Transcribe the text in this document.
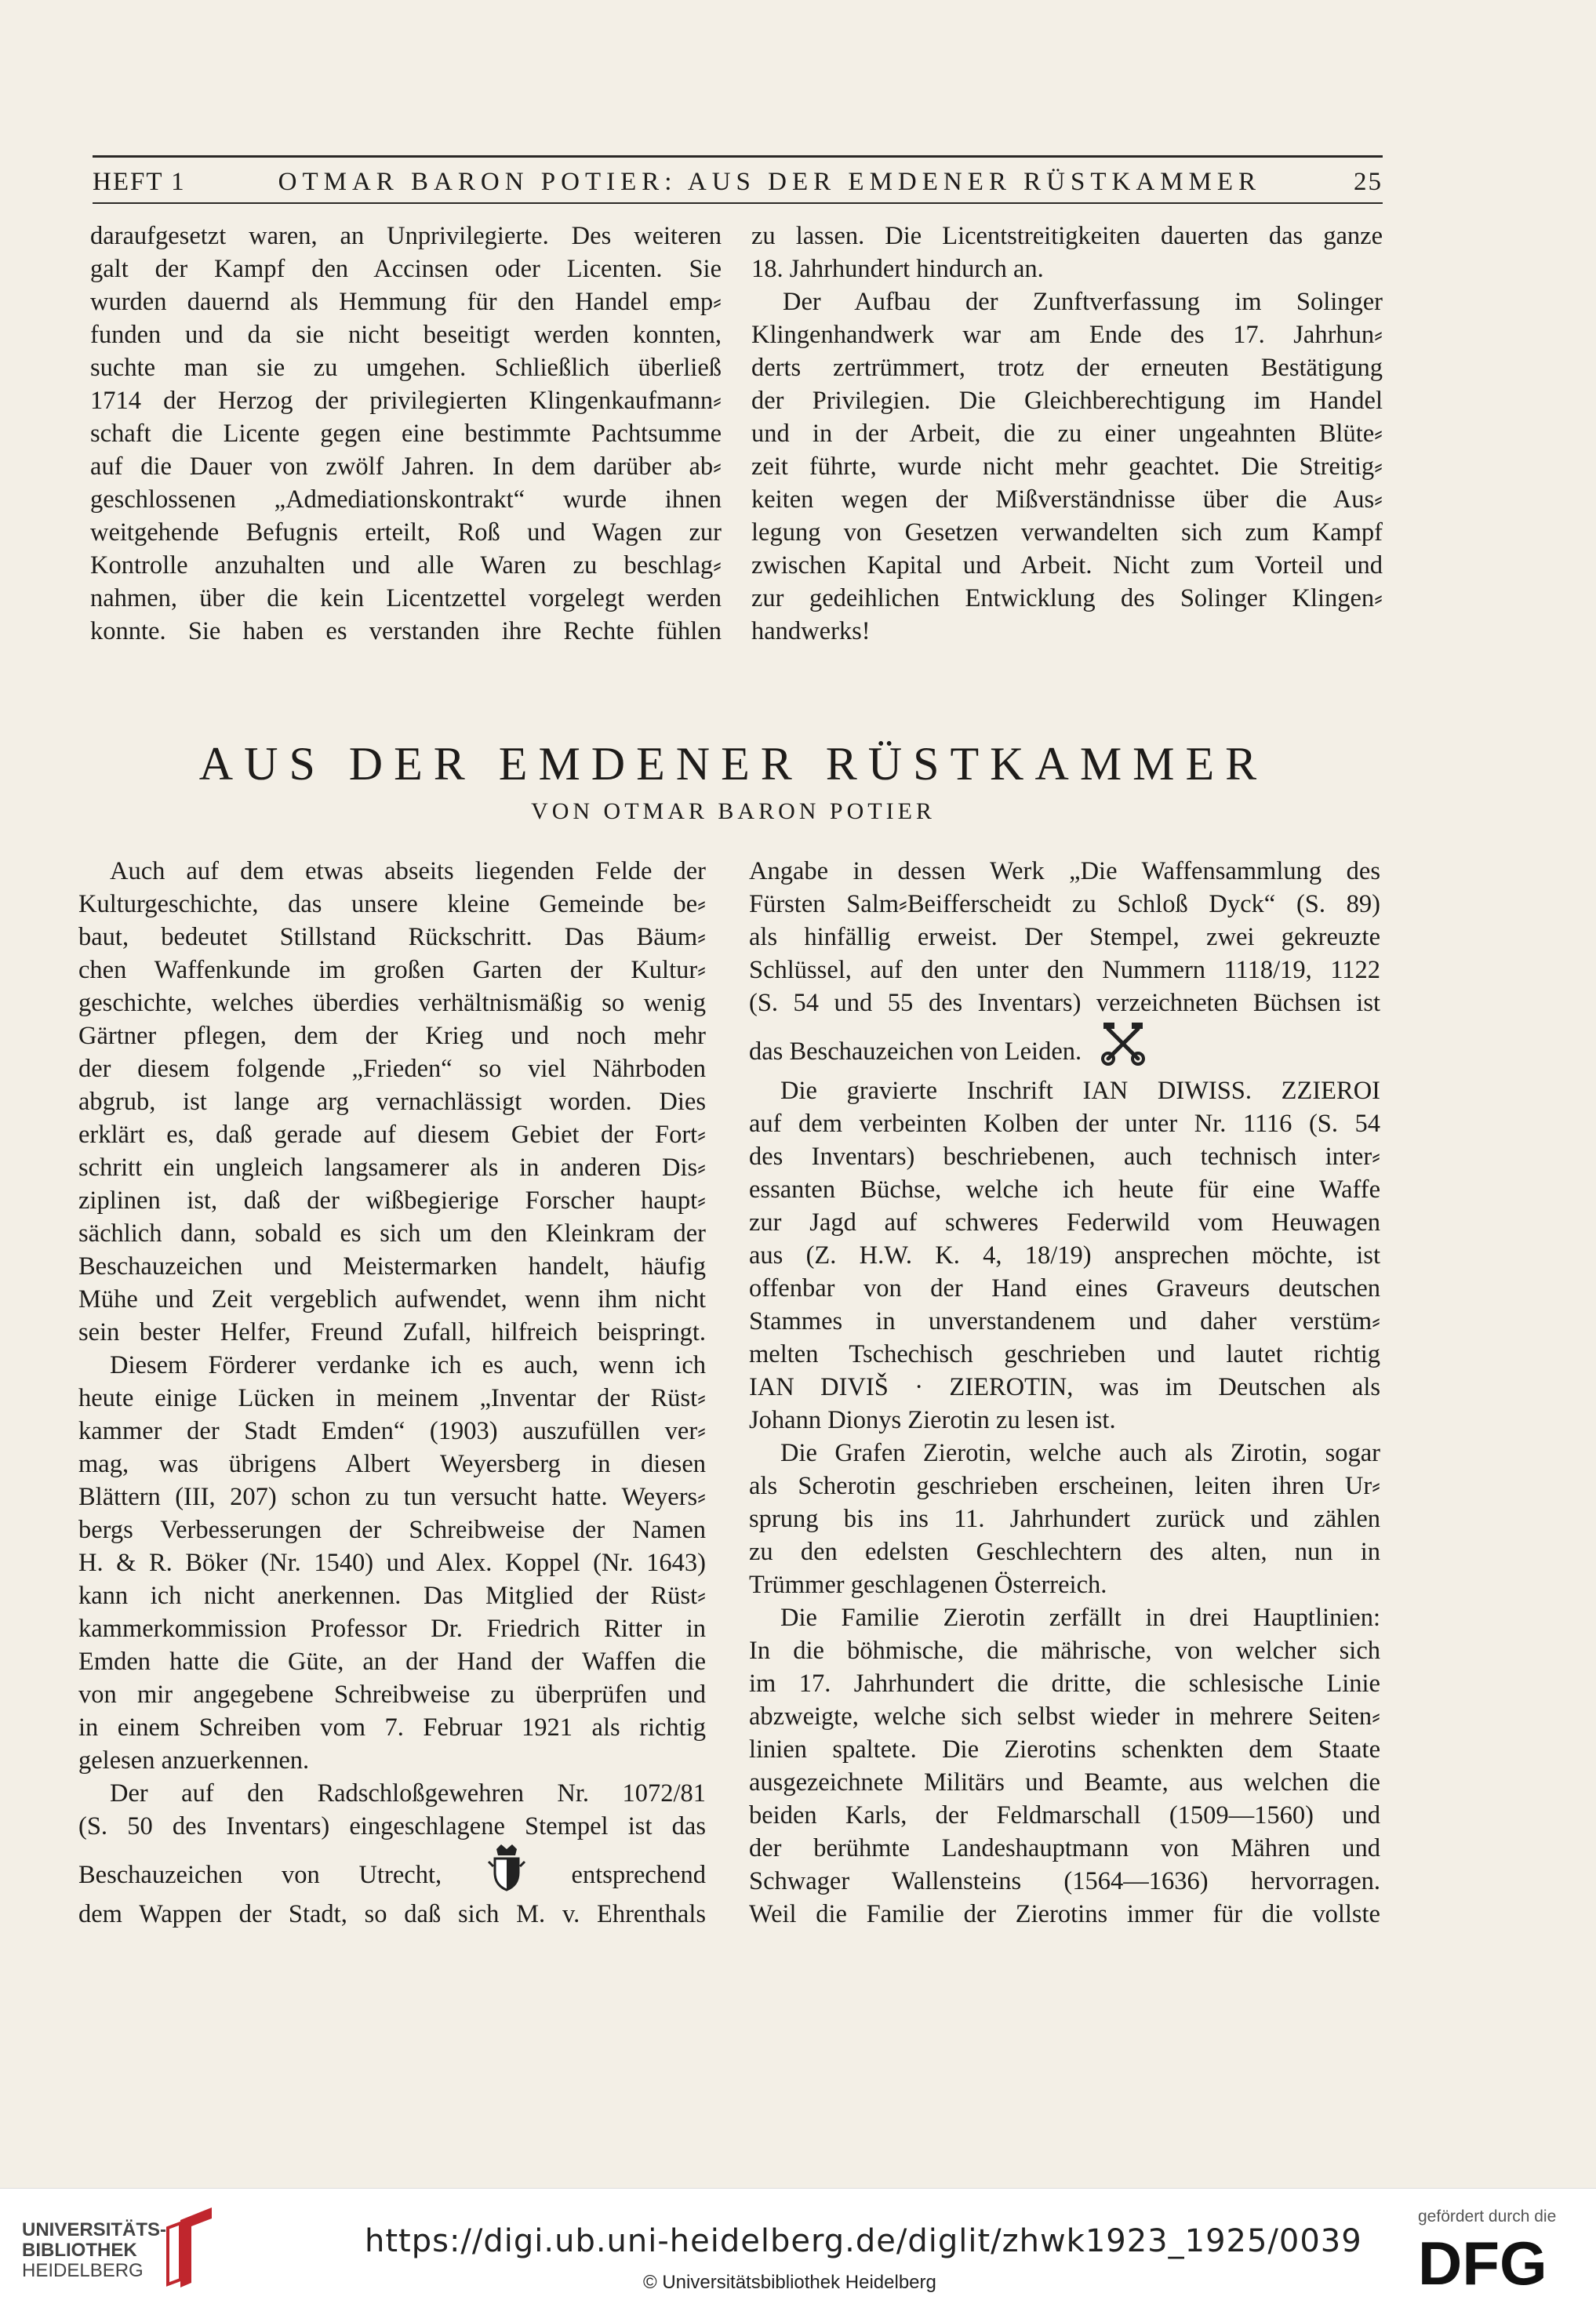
HEFT 1	OTMAR BARON POTIER: AUS DER EMDENER RÜSTKAMMER	25
daraufgesetzt waren, an Unprivilegierte. Des weiteren
galt der Kampf den Accinsen oder Licenten. Sie
wurden dauernd als Hemmung für den Handel emp⸗
funden und da sie nicht beseitigt werden konnten,
suchte man sie zu umgehen. Schließlich überließ
1714 der Herzog der privilegierten Klingenkaufmann⸗
schaft die Licente gegen eine bestimmte Pachtsumme
auf die Dauer von zwölf Jahren. In dem darüber ab⸗
geschlossenen „Admediationskontrakt“ wurde ihnen
weitgehende Befugnis erteilt, Roß und Wagen zur
Kontrolle anzuhalten und alle Waren zu beschlag⸗
nahmen, über die kein Licentzettel vorgelegt werden
konnte. Sie haben es verstanden ihre Rechte fühlen
zu lassen. Die Licentstreitigkeiten dauerten das ganze
18. Jahrhundert hindurch an.
Der Aufbau der Zunftverfassung im Solinger
Klingenhandwerk war am Ende des 17. Jahrhun⸗
derts zertrümmert, trotz der erneuten Bestätigung
der Privilegien. Die Gleichberechtigung im Handel
und in der Arbeit, die zu einer ungeahnten Blüte⸗
zeit führte, wurde nicht mehr geachtet. Die Streitig⸗
keiten wegen der Mißverständnisse über die Aus⸗
legung von Gesetzen verwandelten sich zum Kampf
zwischen Kapital und Arbeit. Nicht zum Vorteil und
zur gedeihlichen Entwicklung des Solinger Klingen⸗
handwerks!
AUS DER EMDENER RÜSTKAMMER
VON OTMAR BARON POTIER
Auch auf dem etwas abseits liegenden Felde der
Kulturgeschichte, das unsere kleine Gemeinde be⸗
baut, bedeutet Stillstand Rückschritt. Das Bäum⸗
chen Waffenkunde im großen Garten der Kultur⸗
geschichte, welches überdies verhältnismäßig so wenig
Gärtner pflegen, dem der Krieg und noch mehr
der diesem folgende „Frieden“ so viel Nährboden
abgrub, ist lange arg vernachlässigt worden. Dies
erklärt es, daß gerade auf diesem Gebiet der Fort⸗
schritt ein ungleich langsamerer als in anderen Dis⸗
ziplinen ist, daß der wißbegierige Forscher haupt⸗
sächlich dann, sobald es sich um den Kleinkram der
Beschauzeichen und Meistermarken handelt, häufig
Mühe und Zeit vergeblich aufwendet, wenn ihm nicht
sein bester Helfer, Freund Zufall, hilfreich beispringt.
Diesem Förderer verdanke ich es auch, wenn ich
heute einige Lücken in meinem „Inventar der Rüst⸗
kammer der Stadt Emden“ (1903) auszufüllen ver⸗
mag, was übrigens Albert Weyersberg in diesen
Blättern (III, 207) schon zu tun versucht hatte. Weyers⸗
bergs Verbesserungen der Schreibweise der Namen
H. & R. Böker (Nr. 1540) und Alex. Koppel (Nr. 1643)
kann ich nicht anerkennen. Das Mitglied der Rüst⸗
kammerkommission Professor Dr. Friedrich Ritter in
Emden hatte die Güte, an der Hand der Waffen die
von mir angegebene Schreibweise zu überprüfen und
in einem Schreiben vom 7. Februar 1921 als richtig
gelesen anzuerkennen.
Der auf den Radschloßgewehren Nr. 1072/81
(S. 50 des Inventars) eingeschlagene Stempel ist das
Beschauzeichen von Utrecht,	entsprechend
dem Wappen der Stadt, so daß sich M. v. Ehrenthals
Angabe in dessen Werk „Die Waffensammlung des
Fürsten Salm⸗Beifferscheidt zu Schloß Dyck“ (S. 89)
als hinfällig erweist. Der Stempel, zwei gekreuzte
Schlüssel, auf den unter den Nummern 1118/19, 1122
(S. 54 und 55 des Inventars) verzeichneten Büchsen ist
das Beschauzeichen von Leiden.
Die gravierte Inschrift IAN DIWISS. ZZIEROI
auf dem verbeinten Kolben der unter Nr. 1116 (S. 54
des Inventars) beschriebenen, auch technisch inter⸗
essanten Büchse, welche ich heute für eine Waffe
zur Jagd auf schweres Federwild vom Heuwagen
aus (Z. H.W. K. 4, 18/19) ansprechen möchte, ist
offenbar von der Hand eines Graveurs deutschen
Stammes in unverstandenem und daher verstüm⸗
melten Tschechisch geschrieben und lautet richtig
IAN DIVIŠ · ZIEROTIN, was im Deutschen als
Johann Dionys Zierotin zu lesen ist.
Die Grafen Zierotin, welche auch als Zirotin, sogar
als Scherotin geschrieben erscheinen, leiten ihren Ur⸗
sprung bis ins 11. Jahrhundert zurück und zählen
zu den edelsten Geschlechtern des alten, nun in
Trümmer geschlagenen Österreich.
Die Familie Zierotin zerfällt in drei Hauptlinien:
In die böhmische, die mährische, von welcher sich
im 17. Jahrhundert die dritte, die schlesische Linie
abzweigte, welche sich selbst wieder in mehrere Seiten⸗
linien spaltete. Die Zierotins schenkten dem Staate
ausgezeichnete Militärs und Beamte, aus welchen die
beiden Karls, der Feldmarschall (1509—1560) und
der berühmte Landeshauptmann von Mähren und
Schwager Wallensteins (1564—1636) hervorragen.
Weil die Familie der Zierotins immer für die vollste
UNIVERSITÄTS-
BIBLIOTHEK
HEIDELBERG
https://digi.ub.uni-heidelberg.de/diglit/zhwk1923_1925/0039
© Universitätsbibliothek Heidelberg
gefördert durch die
DFG
